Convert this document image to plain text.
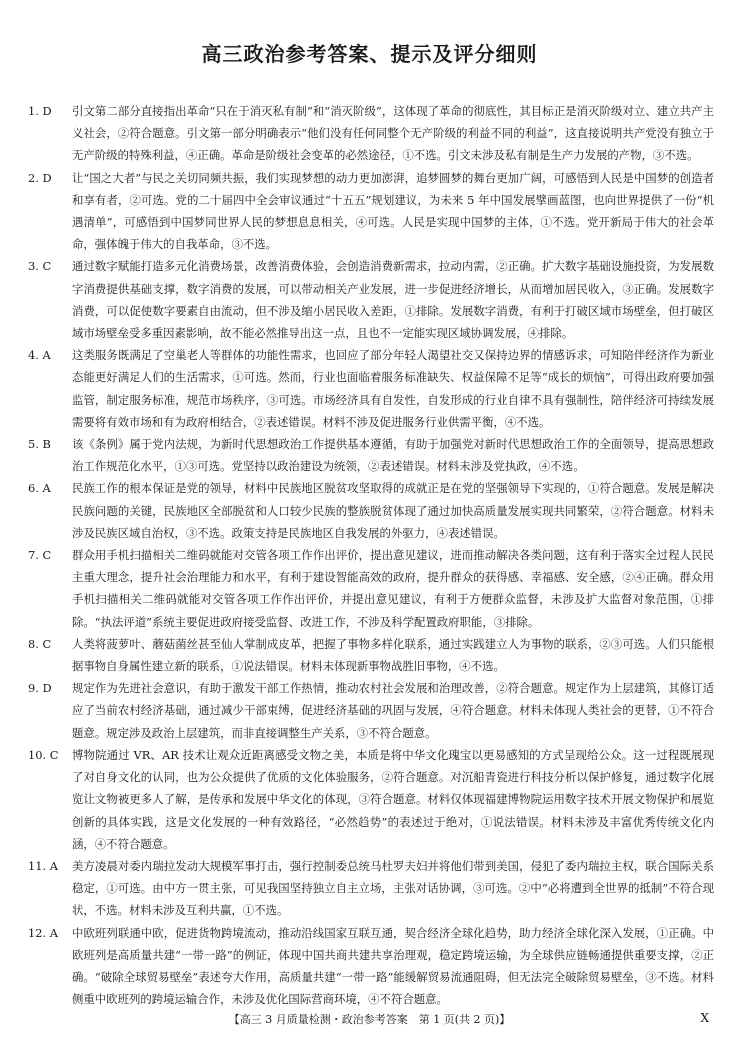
高三政治参考答案、提示及评分细则

1. D	引文第二部分直接指出革命“只在于消灭私有制”和“消灭阶级”，这体现了革命的彻底性，其目标正是消灭阶级对立、建立共产主义社会，②符合题意。引文第一部分明确表示“他们没有任何同整个无产阶级的利益不同的利益”，这直接说明共产党没有独立于无产阶级的特殊利益，④正确。革命是阶级社会变革的必然途径，①不选。引文未涉及私有制是生产力发展的产物，③不选。

2. D	让“国之大者”与民之关切同频共振，我们实现梦想的动力更加澎湃，追梦圆梦的舞台更加广阔，可感悟到人民是中国梦的创造者和享有者，②可选。党的二十届四中全会审议通过“十五五”规划建议，为未来 5 年中国发展擘画蓝图，也向世界提供了一份“机遇清单”，可感悟到中国梦同世界人民的梦想息息相关，④可选。人民是实现中国梦的主体，①不选。党开新局于伟大的社会革命，强体魄于伟大的自我革命，③不选。

3. C	通过数字赋能打造多元化消费场景，改善消费体验，会创造消费新需求，拉动内需，②正确。扩大数字基础设施投资，为发展数字消费提供基础支撑，数字消费的发展，可以带动相关产业发展，进一步促进经济增长，从而增加居民收入，③正确。发展数字消费，可以促使数字要素自由流动，但不涉及缩小居民收入差距，①排除。发展数字消费，有利于打破区域市场壁垒，但打破区域市场壁垒受多重因素影响，故不能必然推导出这一点，且也不一定能实现区域协调发展，④排除。

4. A	这类服务既满足了空巢老人等群体的功能性需求，也回应了部分年轻人渴望社交又保持边界的情感诉求，可知陪伴经济作为新业态能更好满足人们的生活需求，①可选。然而，行业也面临着服务标准缺失、权益保障不足等“成长的烦恼”，可得出政府要加强监管，制定服务标准，规范市场秩序，③可选。市场经济具有自发性，自发形成的行业自律不具有强制性，陪伴经济可持续发展需要将有效市场和有为政府相结合，②表述错误。材料不涉及促进服务行业供需平衡，④不选。

5. B	该《条例》属于党内法规，为新时代思想政治工作提供基本遵循，有助于加强党对新时代思想政治工作的全面领导，提高思想政治工作规范化水平，①③可选。党坚持以政治建设为统领，②表述错误。材料未涉及党执政，④不选。

6. A	民族工作的根本保证是党的领导，材料中民族地区脱贫攻坚取得的成就正是在党的坚强领导下实现的，①符合题意。发展是解决民族问题的关键，民族地区全部脱贫和人口较少民族的整族脱贫体现了通过加快高质量发展实现共同繁荣，②符合题意。材料未涉及民族区域自治权，③不选。政策支持是民族地区自我发展的外驱力，④表述错误。

7. C	群众用手机扫描相关二维码就能对交管各项工作作出评价，提出意见建议，进而推动解决各类问题，这有利于落实全过程人民民主重大理念，提升社会治理能力和水平，有利于建设智能高效的政府，提升群众的获得感、幸福感、安全感，②④正确。群众用手机扫描相关二维码就能对交管各项工作作出评价，并提出意见建议，有利于方便群众监督，未涉及扩大监督对象范围，①排除。“执法评道”系统主要促进政府接受监督、改进工作，不涉及科学配置政府职能，③排除。

8. C	人类将菠萝叶、蘑菇菌丝甚至仙人掌制成皮革，把握了事物多样化联系，通过实践建立人为事物的联系，②③可选。人们只能根据事物自身属性建立新的联系，①说法错误。材料未体现新事物战胜旧事物，④不选。

9. D	规定作为先进社会意识，有助于激发干部工作热情，推动农村社会发展和治理改善，②符合题意。规定作为上层建筑，其修订适应了当前农村经济基础，通过减少干部束缚，促进经济基础的巩固与发展，④符合题意。材料未体现人类社会的更替，①不符合题意。规定涉及政治上层建筑，而非直接调整生产关系，③不符合题意。

10. C	博物院通过 VR、AR 技术让观众近距离感受文物之美，本质是将中华文化瑰宝以更易感知的方式呈现给公众。这一过程既展现了对自身文化的认同，也为公众提供了优质的文化体验服务，②符合题意。对沉船青瓷进行科技分析以保护修复，通过数字化展览让文物被更多人了解，是传承和发展中华文化的体现，③符合题意。材料仅体现福建博物院运用数字技术开展文物保护和展览创新的具体实践，这是文化发展的一种有效路径，“必然趋势”的表述过于绝对，①说法错误。材料未涉及丰富优秀传统文化内涵，④不符合题意。

11. A	美方凌晨对委内瑞拉发动大规模军事打击，强行控制委总统马杜罗夫妇并将他们带到美国，侵犯了委内瑞拉主权，联合国际关系稳定，①可选。由中方一贯主张，可见我国坚持独立自主立场，主张对话协调，③可选。②中“必将遭到全世界的抵制”不符合现状，不选。材料未涉及互利共赢，①不选。

12. A	中欧班列联通中欧，促进货物跨境流动，推动沿线国家互联互通，契合经济全球化趋势，助力经济全球化深入发展，①正确。中欧班列是高质量共建“一带一路”的例证，体现中国共商共建共享治理观，稳定跨境运输，为全球供应链畅通提供重要支撑，②正确。“破除全球贸易壁垒”表述夸大作用，高质量共建“一带一路”能缓解贸易流通阻碍，但无法完全破除贸易壁垒，③不选。材料侧重中欧班列的跨境运输合作，未涉及优化国际营商环境，④不符合题意。

【高三 3 月质量检测・政治参考答案　第 1 页(共 2 页)】	X
